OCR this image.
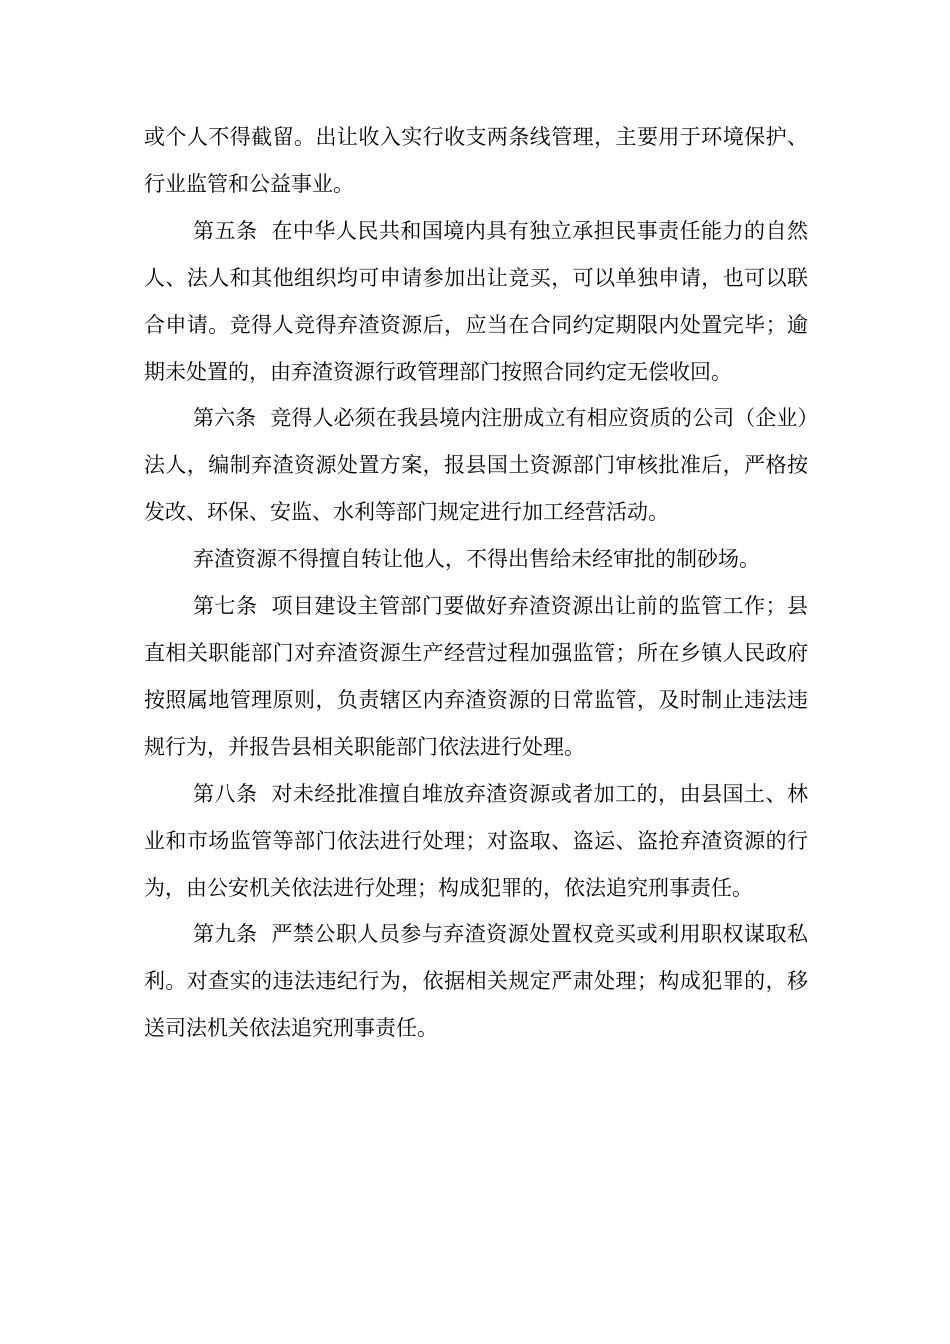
或个人不得截留。出让收入实行收支两条线管理，主要用于环境保护、行业监管和公益事业。

第五条 在中华人民共和国境内具有独立承担民事责任能力的自然人、法人和其他组织均可申请参加出让竞买，可以单独申请，也可以联合申请。竞得人竞得弃渣资源后，应当在合同约定期限内处置完毕；逾期未处置的，由弃渣资源行政管理部门按照合同约定无偿收回。

第六条 竞得人必须在我县境内注册成立有相应资质的公司（企业）法人，编制弃渣资源处置方案，报县国土资源部门审核批准后，严格按发改、环保、安监、水利等部门规定进行加工经营活动。

弃渣资源不得擅自转让他人，不得出售给未经审批的制砂场。

第七条 项目建设主管部门要做好弃渣资源出让前的监管工作；县直相关职能部门对弃渣资源生产经营过程加强监管；所在乡镇人民政府按照属地管理原则，负责辖区内弃渣资源的日常监管，及时制止违法违规行为，并报告县相关职能部门依法进行处理。

第八条 对未经批准擅自堆放弃渣资源或者加工的，由县国土、林业和市场监管等部门依法进行处理；对盗取、盗运、盗抢弃渣资源的行为，由公安机关依法进行处理；构成犯罪的，依法追究刑事责任。

第九条 严禁公职人员参与弃渣资源处置权竞买或利用职权谋取私利。对查实的违法违纪行为，依据相关规定严肃处理；构成犯罪的，移送司法机关依法追究刑事责任。
